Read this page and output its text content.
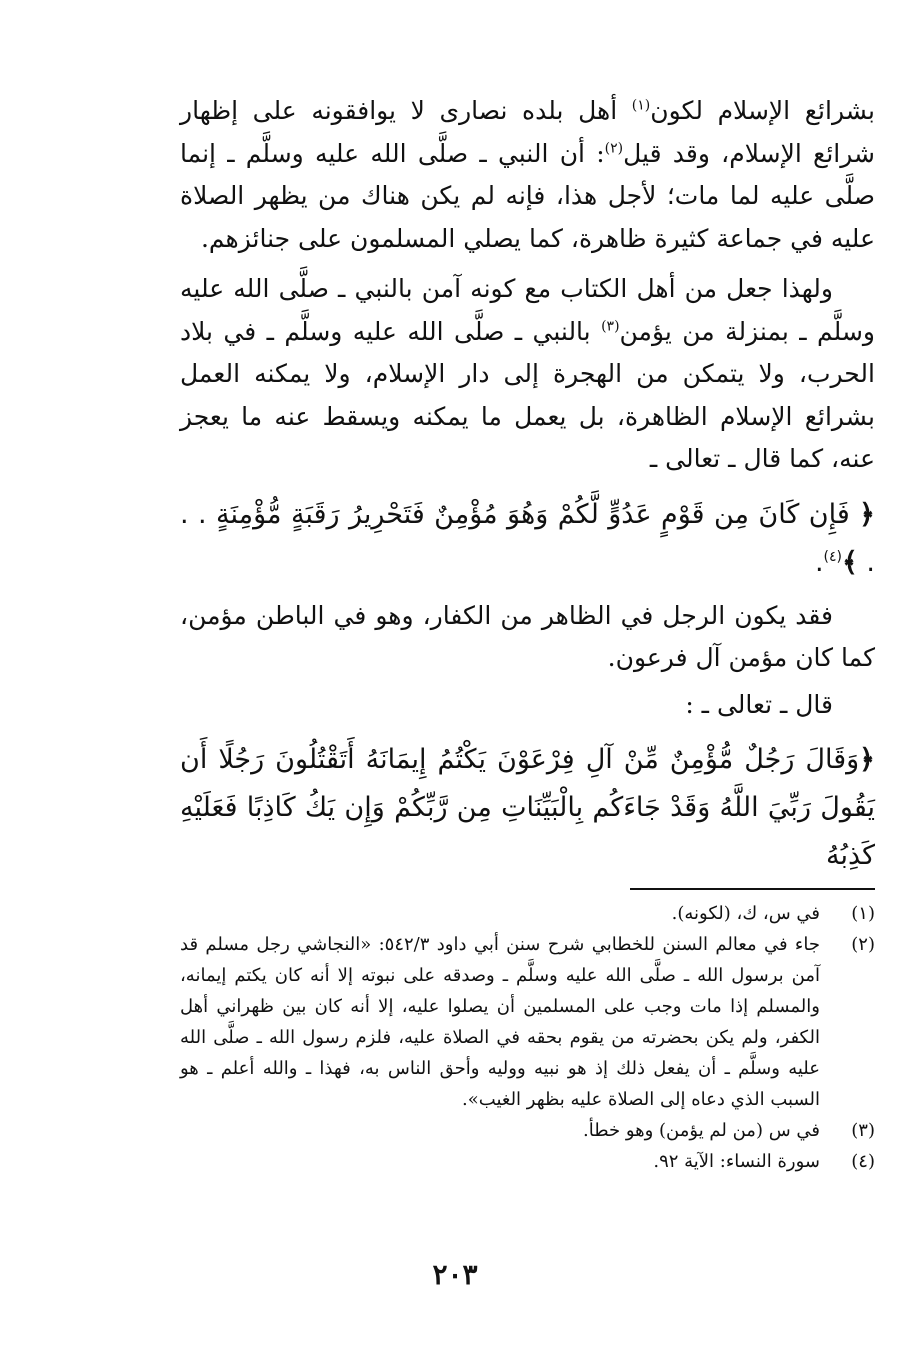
بشرائع الإسلام لكون$^{(١)}$ أهل بلده نصارى لا يوافقونه على إظهار شرائع الإسلام، وقد قيل$^{(٢)}$: أن النبي ـ صلَّى الله عليه وسلَّم ـ إنما صلَّى عليه لما مات؛ لأجل هذا، فإنه لم يكن هناك من يظهر الصلاة عليه في جماعة كثيرة ظاهرة، كما يصلي المسلمون على جنائزهم.

ولهذا جعل من أهل الكتاب مع كونه آمن بالنبي ـ صلَّى الله عليه وسلَّم ـ بمنزلة من يؤمن$^{(٣)}$ بالنبي ـ صلَّى الله عليه وسلَّم ـ في بلاد الحرب، ولا يتمكن من الهجرة إلى دار الإسلام، ولا يمكنه العمل بشرائع الإسلام الظاهرة، بل يعمل ما يمكنه ويسقط عنه ما يعجز عنه، كما قال ـ تعالى ـ

﴿ فَإِن كَانَ مِن قَوْمٍ عَدُوٍّ لَّكُمْ وَهُوَ مُؤْمِنٌ فَتَحْرِيرُ رَقَبَةٍ مُّؤْمِنَةٍ . . . ﴾$^{(٤)}$.

فقد يكون الرجل في الظاهر من الكفار، وهو في الباطن مؤمن، كما كان مؤمن آل فرعون.

قال ـ تعالى ـ :

﴿وَقَالَ رَجُلٌ مُّؤْمِنٌ مِّنْ آلِ فِرْعَوْنَ يَكْتُمُ إِيمَانَهُ أَتَقْتُلُونَ رَجُلًا أَن يَقُولَ رَبِّيَ اللَّهُ وَقَدْ جَاءَكُم بِالْبَيِّنَاتِ مِن رَّبِّكُمْ وَإِن يَكُ كَاذِبًا فَعَلَيْهِ كَذِبُهُ

(١)
في س، ك، (لكونه).
(٢)
جاء في معالم السنن للخطابي شرح سنن أبي داود ٥٤٢/٣: «النجاشي رجل مسلم قد آمن برسول الله ـ صلَّى الله عليه وسلَّم ـ وصدقه على نبوته إلا أنه كان يكتم إيمانه، والمسلم إذا مات وجب على المسلمين أن يصلوا عليه، إلا أنه كان بين ظهراني أهل الكفر، ولم يكن بحضرته من يقوم بحقه في الصلاة عليه، فلزم رسول الله ـ صلَّى الله عليه وسلَّم ـ أن يفعل ذلك إذ هو نبيه ووليه وأحق الناس به، فهذا ـ والله أعلم ـ هو السبب الذي دعاه إلى الصلاة عليه بظهر الغيب».
(٣)
في س (من لم يؤمن) وهو خطأ.
(٤)
سورة النساء: الآية ٩٢.
٢٠٣
